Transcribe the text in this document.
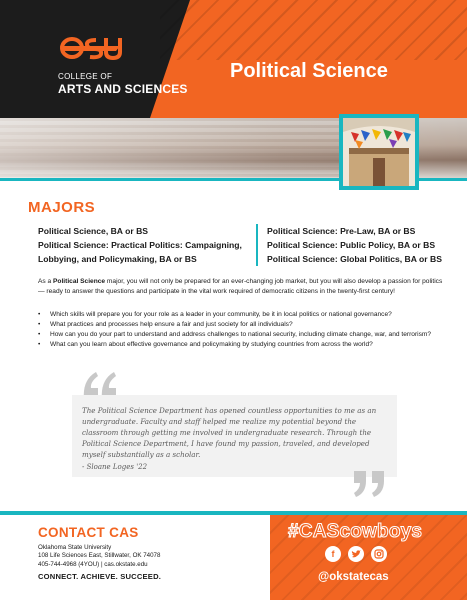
COLLEGE OF
ARTS AND SCIENCES
Political Science
MAJORS
Political Science, BA or BS
Political Science: Practical Politics: Campaigning,
Lobbying, and Policymaking, BA or BS
Political Science: Pre-Law, BA or BS
Political Science: Public Policy, BA or BS
Political Science: Global Politics, BA or BS

As a Political Science major, you will not only be prepared for an ever-changing job market, but you will also develop a passion for politics — ready to answer the questions and participate in the vital work required of democratic citizens in the twenty-first century!

• Which skills will prepare you for your role as a leader in your community, be it in local politics or national governance?
• What practices and processes help ensure a fair and just society for all individuals?
• How can you do your part to understand and address challenges to national security, including climate change, war, and terrorism?
• What can you learn about effective governance and policymaking by studying countries from across the world?
The Political Science Department has opened countless opportunities to me as an undergraduate. Faculty and staff helped me realize my potential beyond the classroom through getting me involved in undergraduate research. Through the Political Science Department, I have found my passion, traveled, and developed myself substantially as a scholar.
- Sloane Loges '22
CONTACT CAS
Oklahoma State University
108 Life Sciences East, Stillwater, OK 74078
405-744-4968 (4YOU) | cas.okstate.edu
CONNECT. ACHIEVE. SUCCEED.
#CAScowboys
f
@okstatecas
